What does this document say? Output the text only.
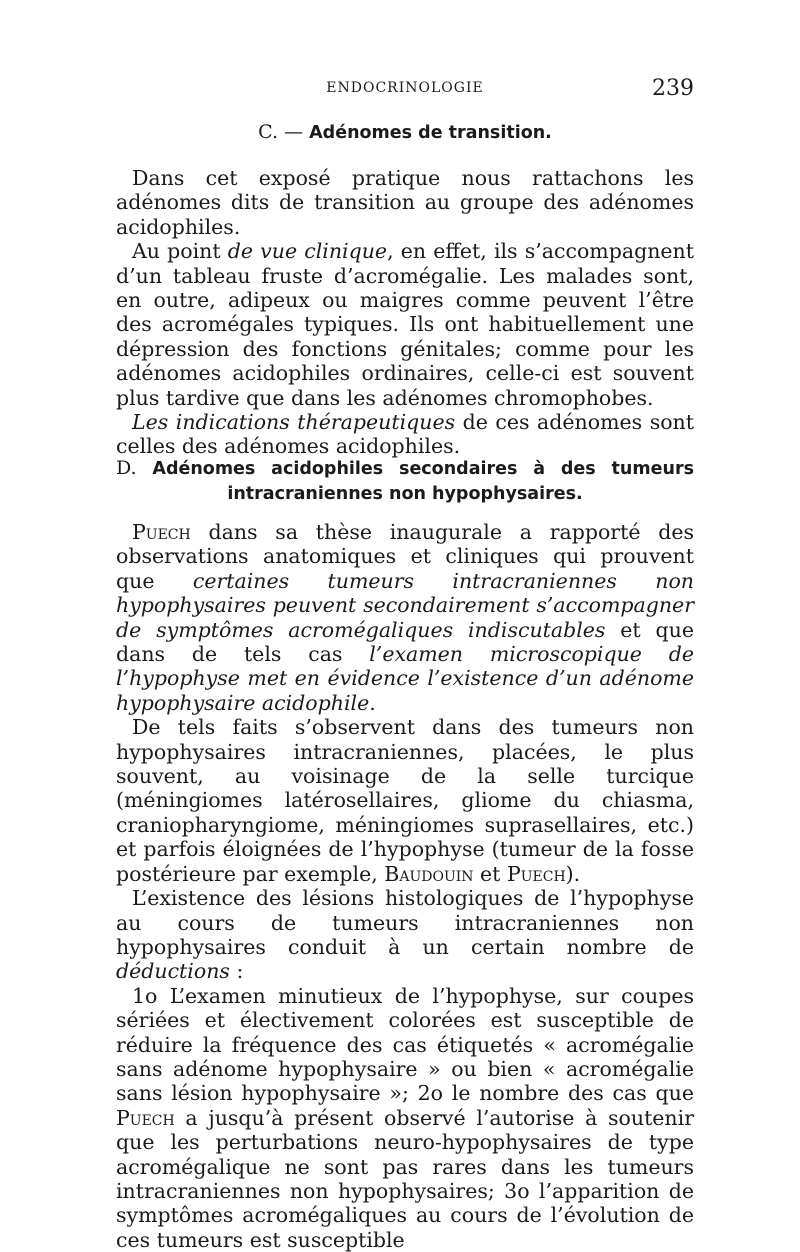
ENDOCRINOLOGIE	239
C. — Adénomes de transition.

Dans cet exposé pratique nous rattachons les adénomes dits de transition au groupe des adénomes acidophiles.

Au point de vue clinique, en effet, ils s’accompagnent d’un tableau fruste d’acromégalie. Les malades sont, en outre, adipeux ou maigres comme peuvent l’être des acromégales typiques. Ils ont habituellement une dépression des fonctions génitales; comme pour les adénomes acidophiles ordinaires, celle-ci est souvent plus tardive que dans les adénomes chromophobes.

Les indications thérapeutiques de ces adénomes sont celles des adénomes acidophiles.

D. Adénomes acidophiles secondaires à des tumeurs
intracraniennes non hypophysaires.

Puech dans sa thèse inaugurale a rapporté des observations anatomiques et cliniques qui prouvent que certaines tumeurs intracraniennes non hypophysaires peuvent secondairement s’accompagner de symptômes acromégaliques indiscutables et que dans de tels cas l’examen microscopique de l’hypophyse met en évidence l’existence d’un adénome hypophysaire acidophile.

De tels faits s’observent dans des tumeurs non hypophysaires intracraniennes, placées, le plus souvent, au voisinage de la selle turcique (méningiomes latérosellaires, gliome du chiasma, craniopharyngiome, méningiomes suprasellaires, etc.) et parfois éloignées de l’hypophyse (tumeur de la fosse postérieure par exemple, Baudouin et Puech).

L’existence des lésions histologiques de l’hypophyse au cours de tumeurs intracraniennes non hypophysaires conduit à un certain nombre de déductions :

1o L’examen minutieux de l’hypophyse, sur coupes sériées et électivement colorées est susceptible de réduire la fréquence des cas étiquetés « acromégalie sans adénome hypophysaire » ou bien « acromégalie sans lésion hypophysaire »; 2o le nombre des cas que Puech a jusqu’à présent observé l’autorise à soutenir que les perturbations neuro-hypophysaires de type acromégalique ne sont pas rares dans les tumeurs intracraniennes non hypophysaires; 3o l’apparition de symptômes acromégaliques au cours de l’évolution de ces tumeurs est susceptible
